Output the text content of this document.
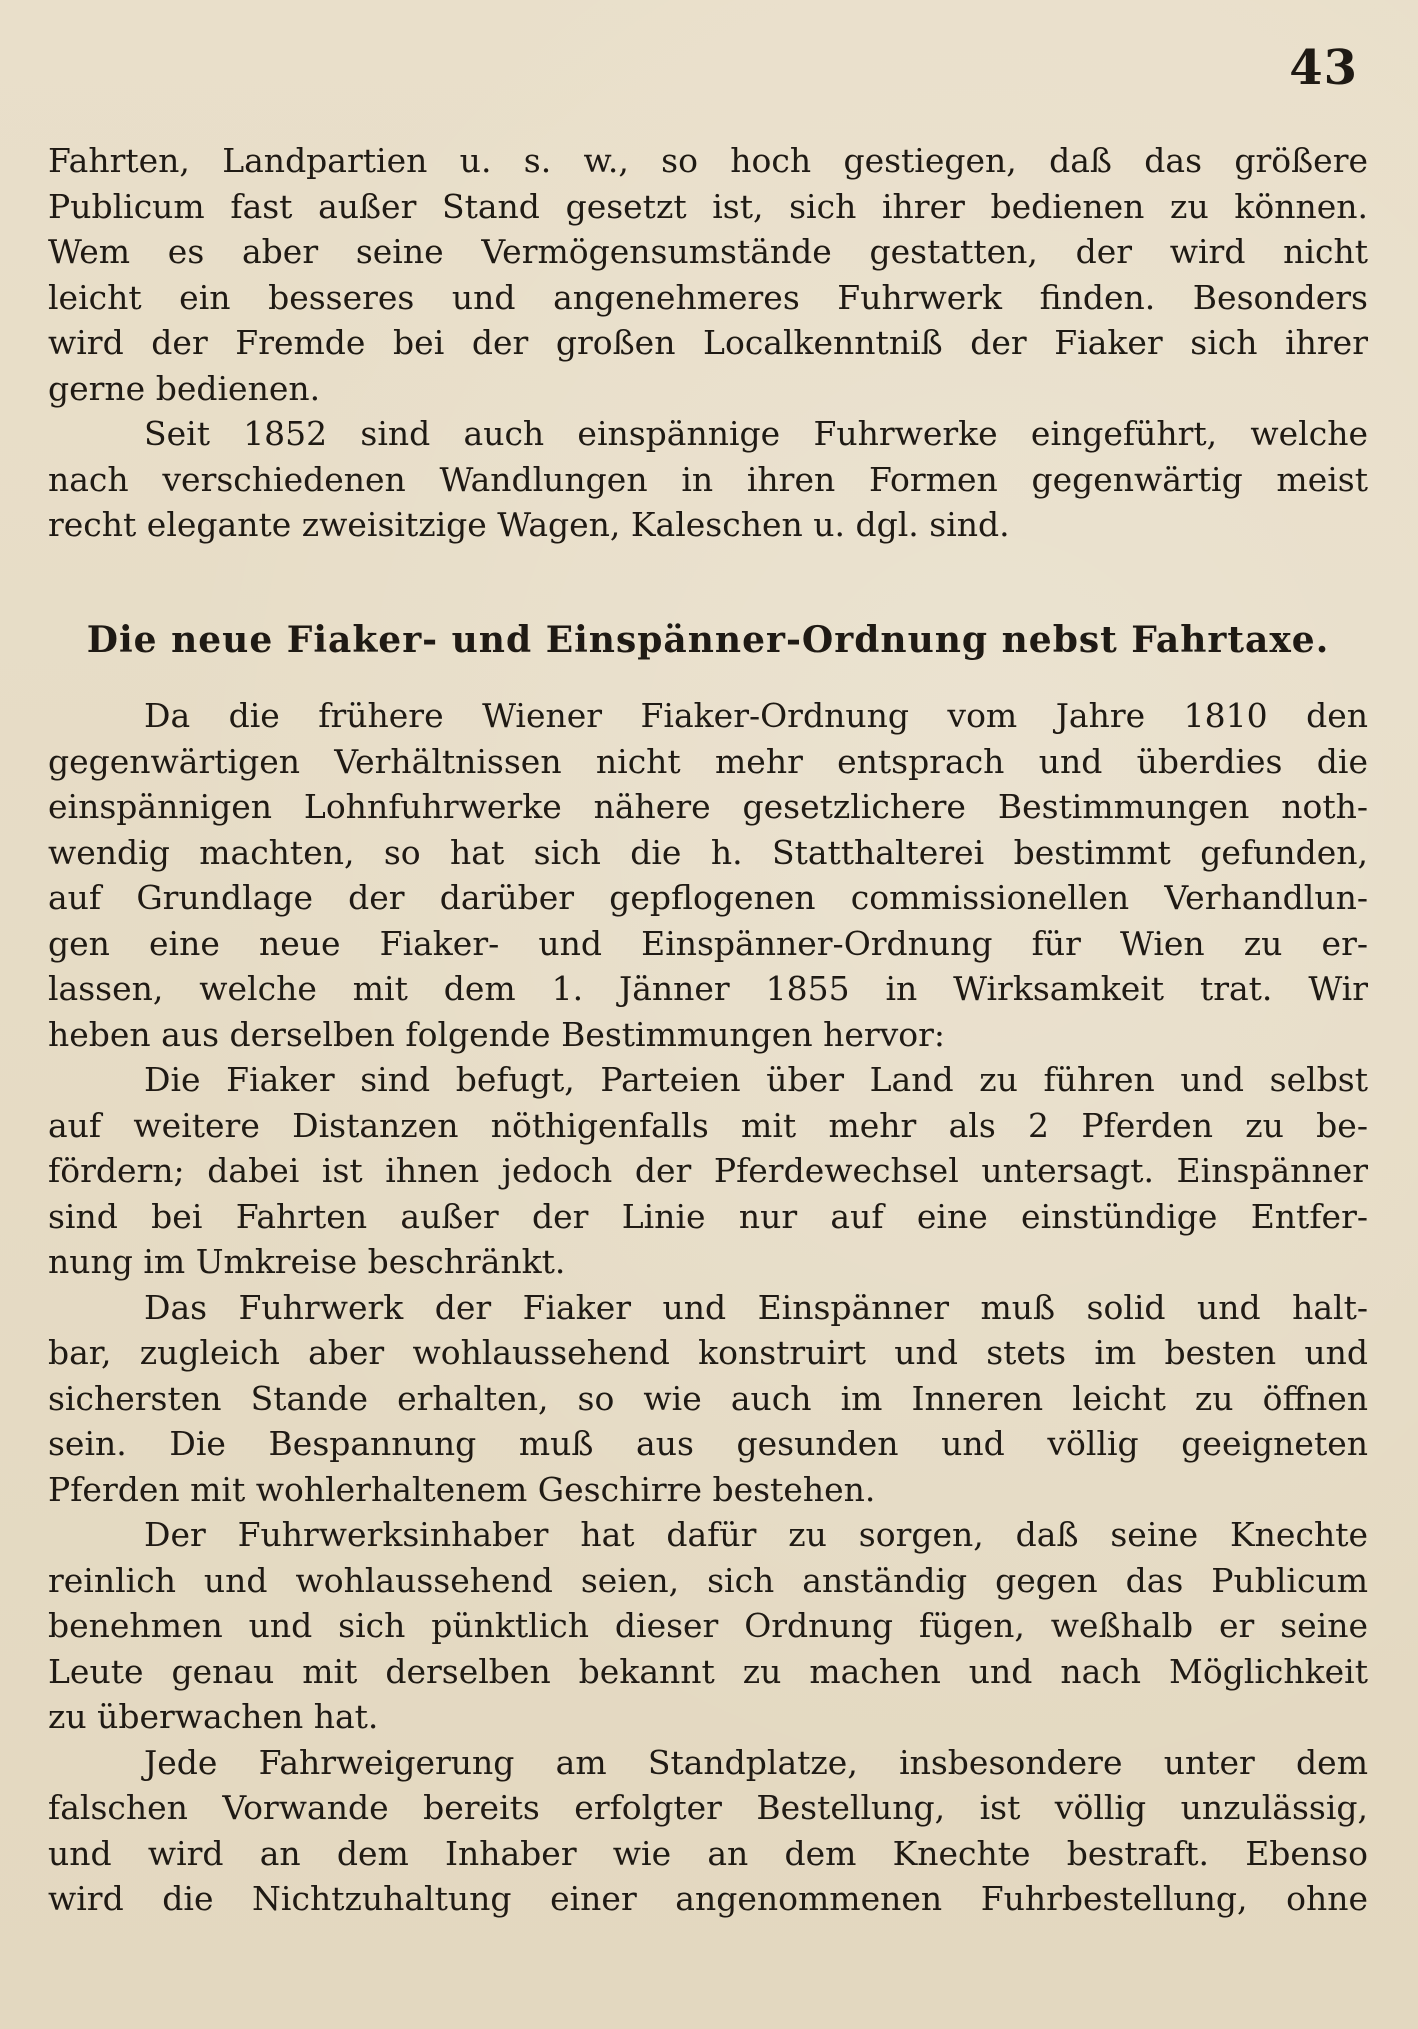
43
Fahrten, Landpartien u. s. w., so hoch gestiegen, daß das größere
Publicum fast außer Stand gesetzt ist, sich ihrer bedienen zu können.
Wem es aber seine Vermögensumstände gestatten, der wird nicht
leicht ein besseres und angenehmeres Fuhrwerk finden. Besonders
wird der Fremde bei der großen Localkenntniß der Fiaker sich ihrer
gerne bedienen.
Seit 1852 sind auch einspännige Fuhrwerke eingeführt, welche
nach verschiedenen Wandlungen in ihren Formen gegenwärtig meist
recht elegante zweisitzige Wagen, Kaleschen u. dgl. sind.
Die neue Fiaker- und Einspänner-Ordnung nebst Fahrtaxe.
Da die frühere Wiener Fiaker-Ordnung vom Jahre 1810 den
gegenwärtigen Verhältnissen nicht mehr entsprach und überdies die
einspännigen Lohnfuhrwerke nähere gesetzlichere Bestimmungen noth-
wendig machten, so hat sich die h. Statthalterei bestimmt gefunden,
auf Grundlage der darüber gepflogenen commissionellen Verhandlun-
gen eine neue Fiaker- und Einspänner-Ordnung für Wien zu er-
lassen, welche mit dem 1. Jänner 1855 in Wirksamkeit trat. Wir
heben aus derselben folgende Bestimmungen hervor:
Die Fiaker sind befugt, Parteien über Land zu führen und selbst
auf weitere Distanzen nöthigenfalls mit mehr als 2 Pferden zu be-
fördern; dabei ist ihnen jedoch der Pferdewechsel untersagt. Einspänner
sind bei Fahrten außer der Linie nur auf eine einstündige Entfer-
nung im Umkreise beschränkt.
Das Fuhrwerk der Fiaker und Einspänner muß solid und halt-
bar, zugleich aber wohlaussehend konstruirt und stets im besten und
sichersten Stande erhalten, so wie auch im Inneren leicht zu öffnen
sein. Die Bespannung muß aus gesunden und völlig geeigneten
Pferden mit wohlerhaltenem Geschirre bestehen.
Der Fuhrwerksinhaber hat dafür zu sorgen, daß seine Knechte
reinlich und wohlaussehend seien, sich anständig gegen das Publicum
benehmen und sich pünktlich dieser Ordnung fügen, weßhalb er seine
Leute genau mit derselben bekannt zu machen und nach Möglichkeit
zu überwachen hat.
Jede Fahrweigerung am Standplatze, insbesondere unter dem
falschen Vorwande bereits erfolgter Bestellung, ist völlig unzulässig,
und wird an dem Inhaber wie an dem Knechte bestraft. Ebenso
wird die Nichtzuhaltung einer angenommenen Fuhrbestellung, ohne
